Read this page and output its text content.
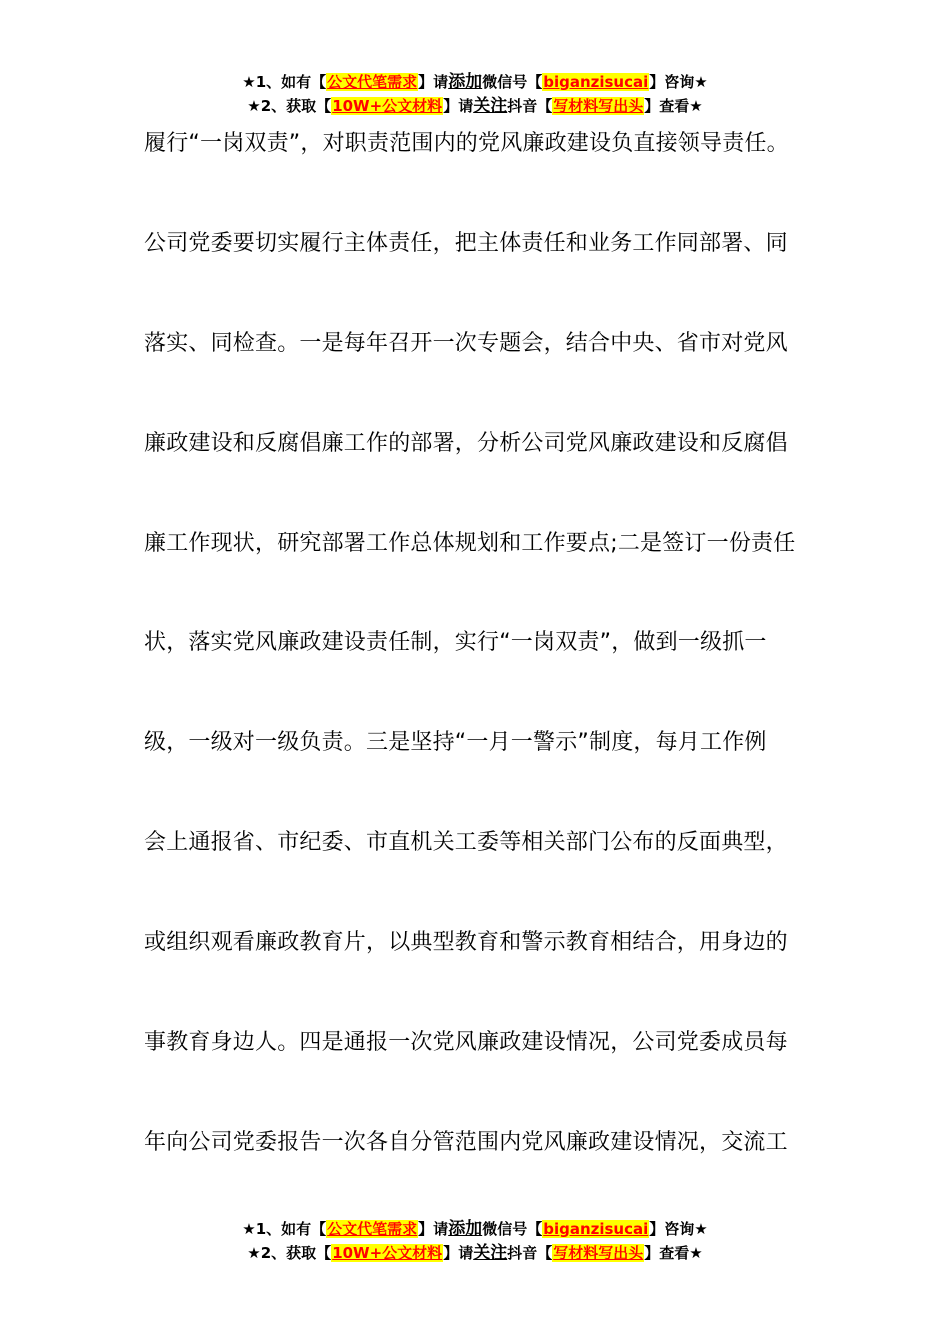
★1、如有【公文代笔需求】请添加微信号【biganzisucai】咨询★
★2、获取【10W+公文材料】请关注抖音【写材料写出头】查看★
履行“一岗双责”，对职责范围内的党风廉政建设负直接领导责任。
公司党委要切实履行主体责任，把主体责任和业务工作同部署、同
落实、同检查。一是每年召开一次专题会，结合中央、省市对党风
廉政建设和反腐倡廉工作的部署，分析公司党风廉政建设和反腐倡
廉工作现状，研究部署工作总体规划和工作要点;二是签订一份责任
状，落实党风廉政建设责任制，实行“一岗双责”，做到一级抓一
级，一级对一级负责。三是坚持“一月一警示”制度，每月工作例
会上通报省、市纪委、市直机关工委等相关部门公布的反面典型，
或组织观看廉政教育片，以典型教育和警示教育相结合，用身边的
事教育身边人。四是通报一次党风廉政建设情况，公司党委成员每
年向公司党委报告一次各自分管范围内党风廉政建设情况，交流工
★1、如有【公文代笔需求】请添加微信号【biganzisucai】咨询★
★2、获取【10W+公文材料】请关注抖音【写材料写出头】查看★
